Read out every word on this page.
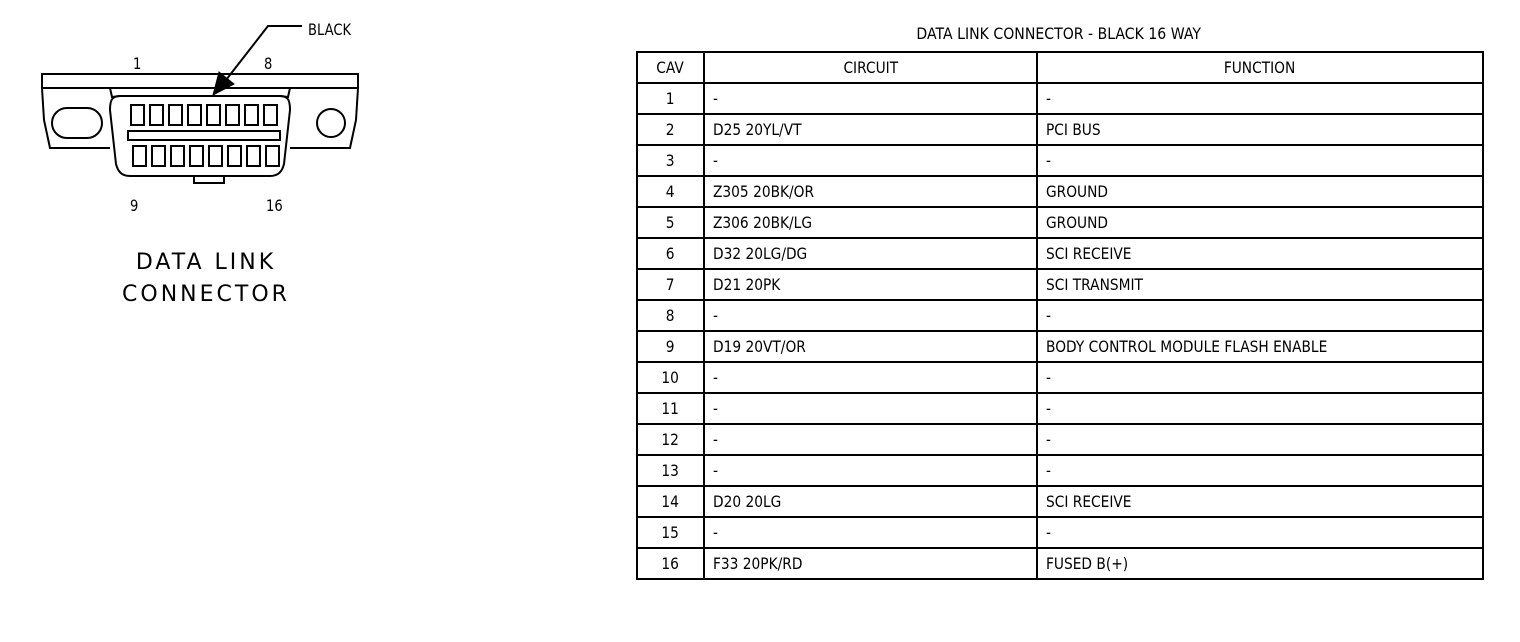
BLACK
1	8
9	16
DATA LINK
CONNECTOR
DATA LINK CONNECTOR - BLACK 16 WAY
CAV	CIRCUIT	FUNCTION
1	-	-
2	D25 20YL/VT	PCI BUS
3	-	-
4	Z305 20BK/OR	GROUND
5	Z306 20BK/LG	GROUND
6	D32 20LG/DG	SCI RECEIVE
7	D21 20PK	SCI TRANSMIT
8	-	-
9	D19 20VT/OR	BODY CONTROL MODULE FLASH ENABLE
10	-	-
11	-	-
12	-	-
13	-	-
14	D20 20LG	SCI RECEIVE
15	-	-
16	F33 20PK/RD	FUSED B(+)
